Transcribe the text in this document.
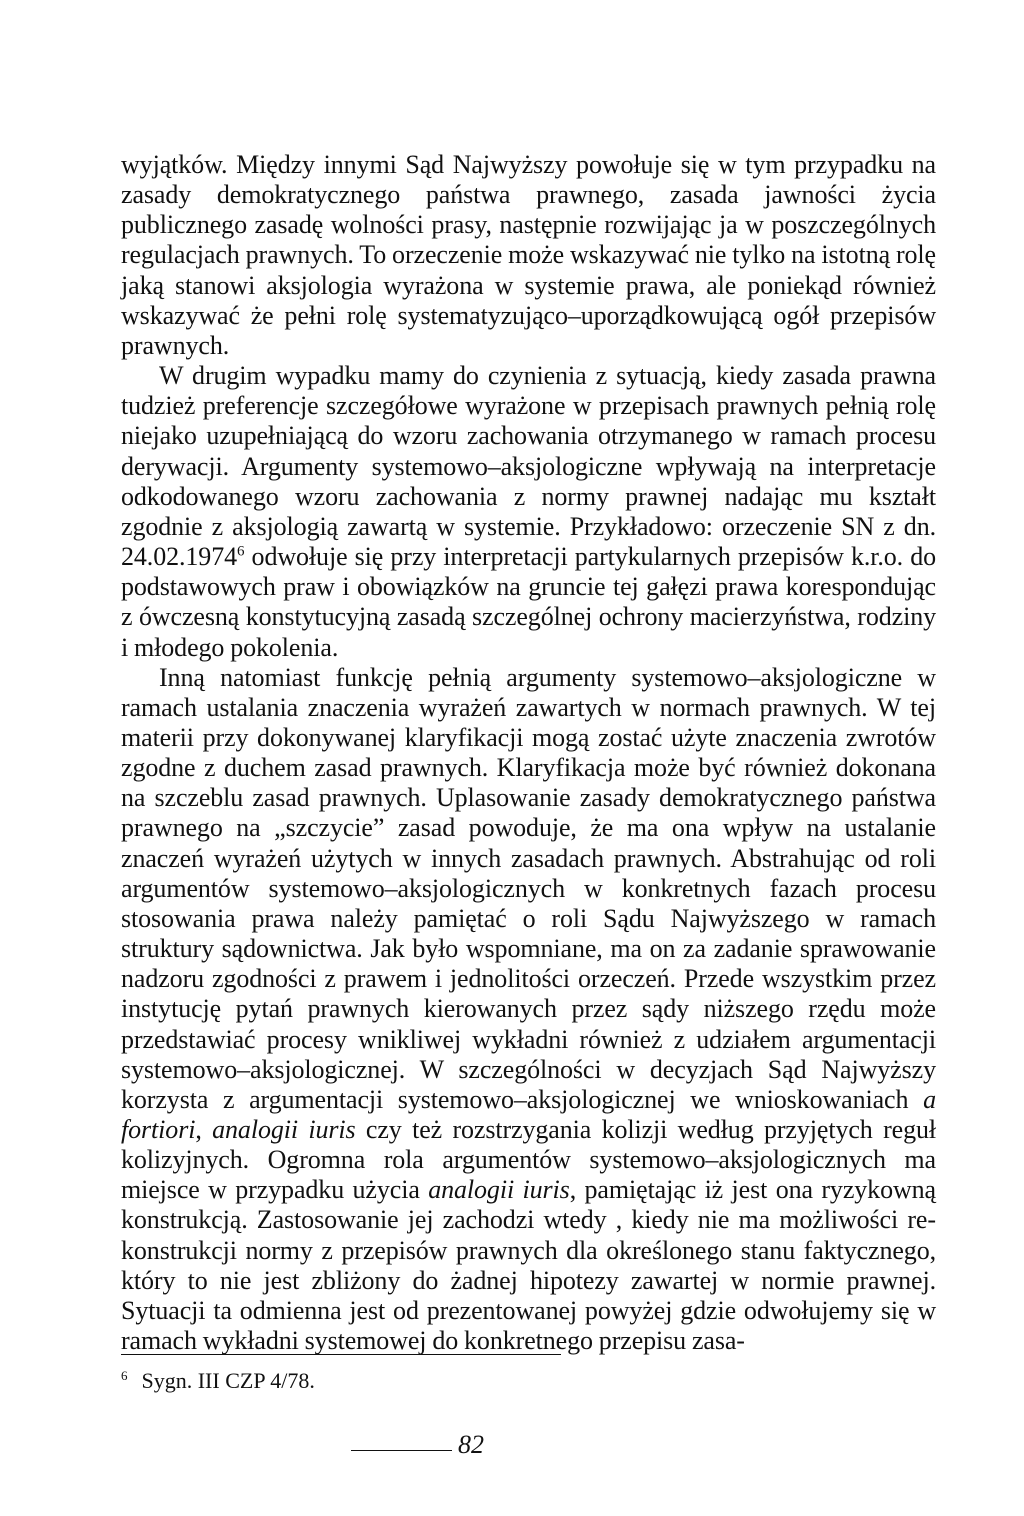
wyjątków. Między innymi Sąd Najwyższy powołuje się w tym przypadku na zasady demokratycznego państwa prawnego, zasada jawności życia publicznego zasadę wolności prasy, następnie rozwijając ja w poszczególnych regulacjach prawnych. To orzeczenie może wskazywać nie tylko na istotną rolę jaką stanowi aksjologia wyrażona w systemie prawa, ale poniekąd również wskazywać że pełni rolę systematyzująco–uporządkowującą ogół przepisów prawnych.

W drugim wypadku mamy do czynienia z sytuacją, kiedy zasada prawna tudzież preferencje szczegółowe wyrażone w przepisach prawnych pełnią rolę niejako uzupełniającą do wzoru zachowania otrzymanego w ramach procesu derywacji. Argumenty systemowo–aksjologiczne wpływają na interpretacje odkodowanego wzoru zachowania z normy prawnej nadając mu kształt zgodnie z aksjologią zawartą w systemie. Przykładowo: orzeczenie SN z dn. 24.02.1974$^6$ odwołuje się przy interpretacji partykularnych przepisów k.r.o. do podstawowych praw i obowiązków na gruncie tej gałęzi prawa korespondując z ówczesną konstytucyjną zasadą szczególnej ochrony macierzyństwa, rodziny i młodego pokolenia.

Inną natomiast funkcję pełnią argumenty systemowo–aksjologiczne w ramach ustalania znaczenia wyrażeń zawartych w normach prawnych. W tej materii przy dokonywanej klaryfikacji mogą zostać użyte znaczenia zwrotów zgodne z duchem zasad prawnych. Klaryfikacja może być również dokonana na szczeblu zasad prawnych. Uplasowanie zasady demokratycznego państwa prawnego na „szczycie” zasad powoduje, że ma ona wpływ na ustalanie znaczeń wyrażeń użytych w innych zasadach prawnych. Abstrahując od roli argumentów systemowo–aksjologicznych w konkretnych fazach procesu stosowania prawa należy pamiętać o roli Sądu Najwyższego w ramach struktury sądownictwa. Jak było wspomniane, ma on za zadanie sprawowanie nadzoru zgodności z prawem i jednolitości orzeczeń. Przede wszystkim przez instytucję pytań prawnych kierowanych przez sądy niższego rzędu może przedstawiać procesy wnikliwej wykładni również z udziałem argumentacji systemowo–aksjologicznej. W szczególności w decyzjach Sąd Najwyższy korzysta z argumentacji systemowo–aksjologicznej we wnioskowaniach a fortiori, analogii iuris czy też rozstrzygania kolizji według przyjętych reguł kolizyjnych. Ogromna rola argumentów systemowo–aksjologicznych ma miejsce w przypadku użycia analogii iuris, pamiętając iż jest ona ryzykowną konstrukcją. Zastosowanie jej zachodzi wtedy , kiedy nie ma możliwości rekonstrukcji normy z przepisów prawnych dla określonego stanu faktycznego, który to nie jest zbliżony do żadnej hipotezy zawartej w normie prawnej. Sytuacji ta odmienna jest od prezentowanej powyżej gdzie odwołujemy się w ramach wykładni systemowej do konkretnego przepisu zasa-

$^6$ Sygn. III CZP 4/78.
82
